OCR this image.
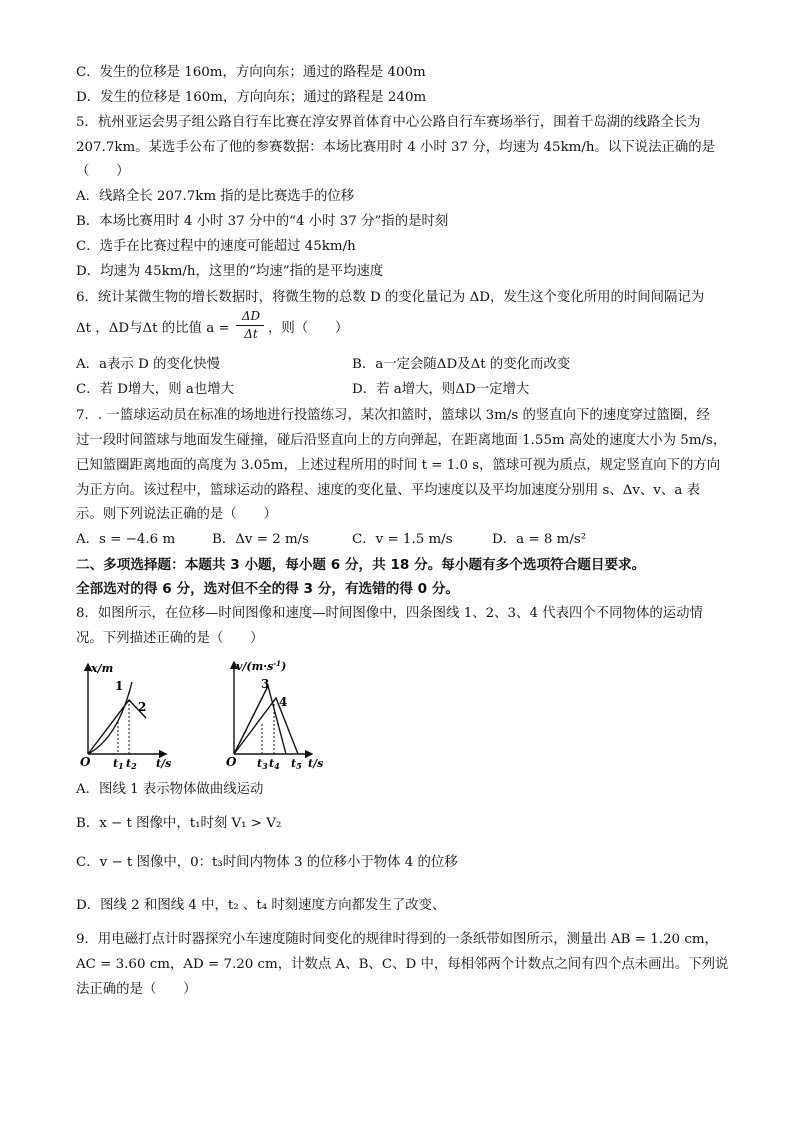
C．发生的位移是 160m，方向向东；通过的路程是 400m
D．发生的位移是 160m，方向向东；通过的路程是 240m
5．杭州亚运会男子组公路自行车比赛在淳安界首体育中心公路自行车赛场举行，围着千岛湖的线路全长为
207.7km。某选手公布了他的参赛数据：本场比赛用时 4 小时 37 分，均速为 45km/h。以下说法正确的是
（　　）
A．线路全长 207.7km 指的是比赛选手的位移
B．本场比赛用时 4 小时 37 分中的“4 小时 37 分”指的是时刻
C．选手在比赛过程中的速度可能超过 45km/h
D．均速为 45km/h，这里的“均速”指的是平均速度
6．统计某微生物的增长数据时，将微生物的总数 D 的变化量记为 ΔD，发生这个变化所用的时间间隔记为
Δt ，ΔD与Δt 的比值 a =
ΔD
Δt ，则（　　）
A．a表示 D 的变化快慢	B．a一定会随ΔD及Δt 的变化而改变
C．若 D增大，则 a也增大	D．若 a增大，则ΔD一定增大
7．. 一篮球运动员在标准的场地进行投篮练习，某次扣篮时，篮球以 3m/s 的竖直向下的速度穿过篮圈，经
过一段时间篮球与地面发生碰撞，碰后沿竖直向上的方向弹起，在距离地面 1.55m 高处的速度大小为 5m/s，
已知篮圈距离地面的高度为 3.05m，上述过程所用的时间 t = 1.0 s，篮球可视为质点，规定竖直向下的方向
为正方向。该过程中，篮球运动的路程、速度的变化量、平均速度以及平均加速度分别用 s、Δv、v、a 表
示。则下列说法正确的是（　　）
A．s = −4.6 m	B．Δv = 2 m/s	C．v = 1.5 m/s	D．a = 8 m/s²
二、多项选择题：本题共 3 小题，每小题 6 分，共 18 分。每小题有多个选项符合题目要求。
全部选对的得 6 分，选对但不全的得 3 分，有选错的得 0 分。
8．如图所示，在位移—时间图像和速度—时间图像中，四条图线 1、2、3、4 代表四个不同物体的运动情
况。下列描述正确的是（　　）
x/m
t/s
O
1
2
t1 t2
$v/(m\cdot s^{-1})$
t/s
O
3
4
t3 t4 t5
A．图线 1 表示物体做曲线运动
B．x − t 图像中，t₁时刻 V₁ > V₂
C．v − t 图像中，0：t₃时间内物体 3 的位移小于物体 4 的位移
D．图线 2 和图线 4 中，t₂ 、t₄ 时刻速度方向都发生了改变、
9．用电磁打点计时器探究小车速度随时间变化的规律时得到的一条纸带如图所示，测量出 AB = 1.20 cm，
AC = 3.60 cm，AD = 7.20 cm，计数点 A、B、C、D 中，每相邻两个计数点之间有四个点未画出。下列说
法正确的是（　　）
